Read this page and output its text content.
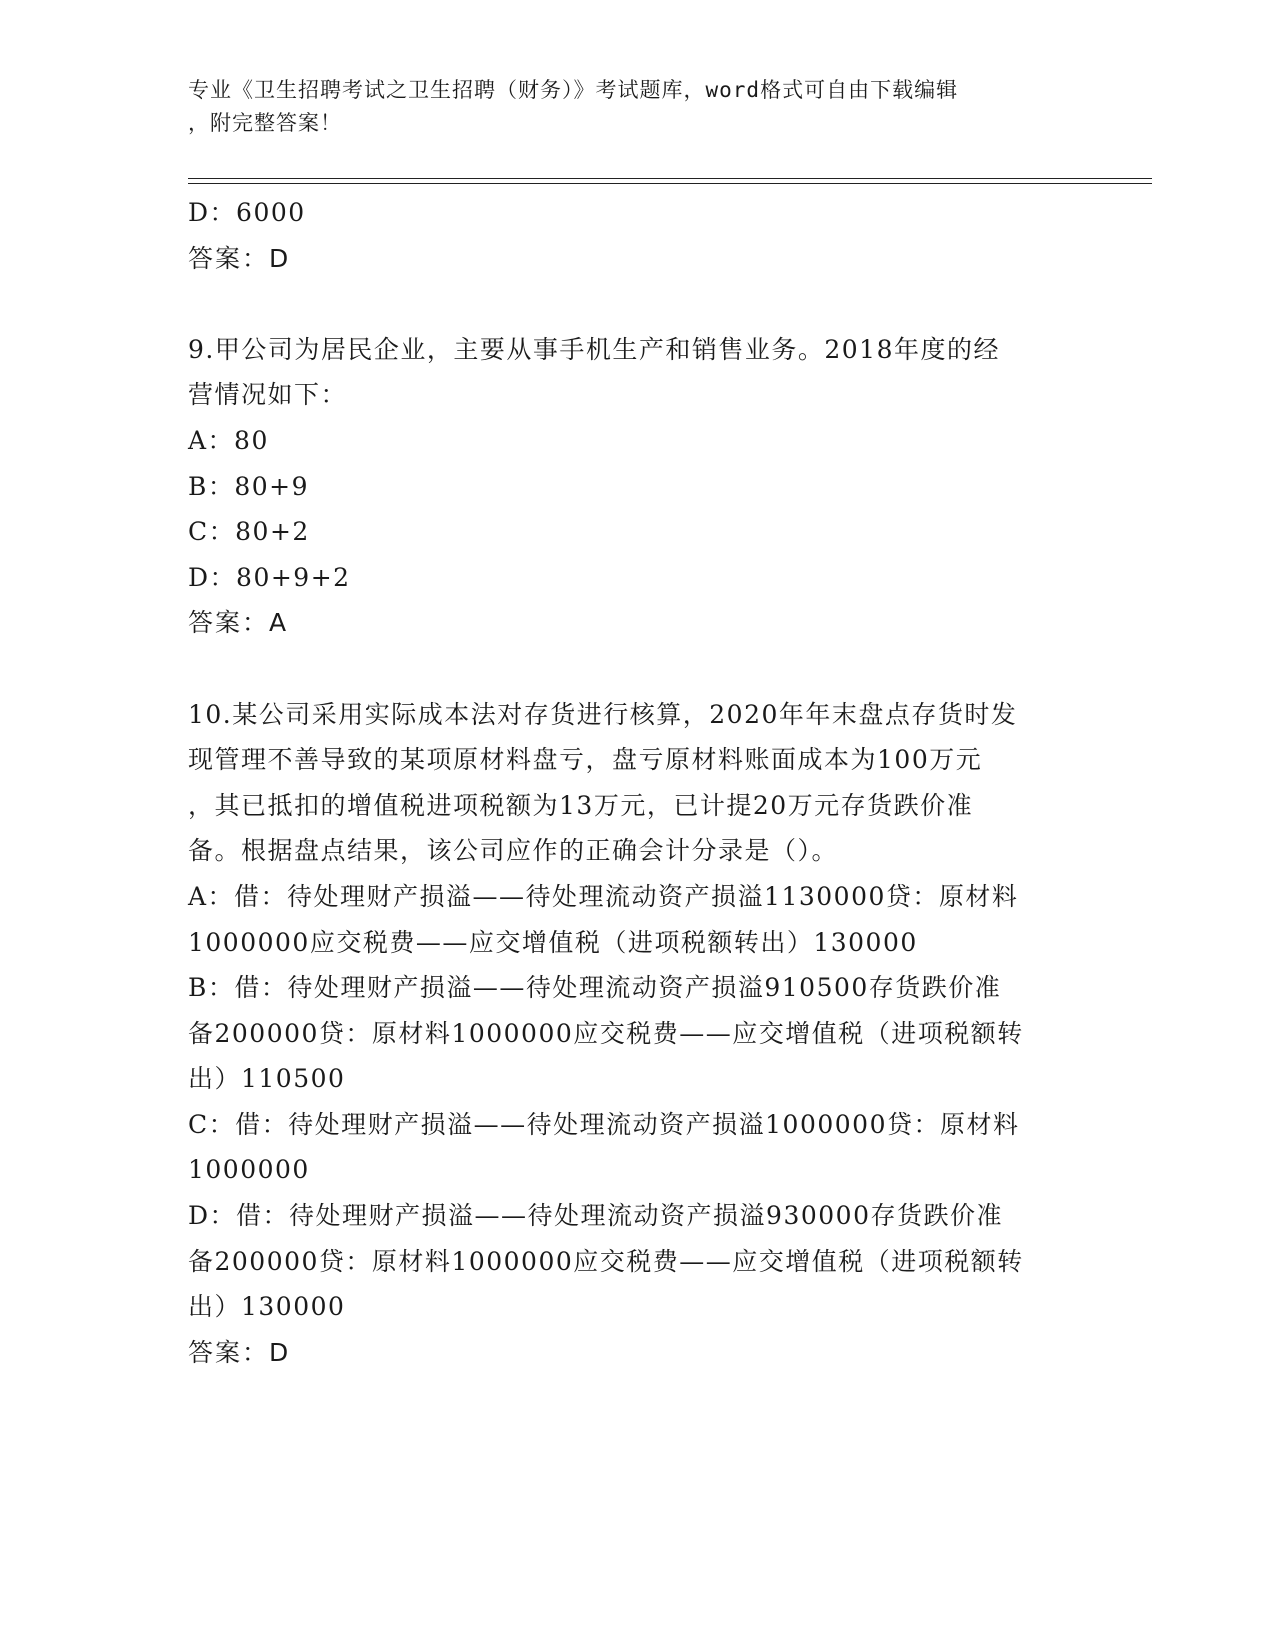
专业《卫生招聘考试之卫生招聘（财务）》考试题库，word格式可自由下载编辑
，附完整答案！
D：6000
答案：D
9.甲公司为居民企业，主要从事手机生产和销售业务。2018年度的经
营情况如下：
A：80
B：80+9
C：80+2
D：80+9+2
答案：A
10.某公司采用实际成本法对存货进行核算，2020年年末盘点存货时发
现管理不善导致的某项原材料盘亏，盘亏原材料账面成本为100万元
，其已抵扣的增值税进项税额为13万元，已计提20万元存货跌价准
备。根据盘点结果，该公司应作的正确会计分录是（）。
A：借：待处理财产损溢——待处理流动资产损溢1130000贷：原材料
1000000应交税费——应交增值税（进项税额转出）130000
B：借：待处理财产损溢——待处理流动资产损溢910500存货跌价准
备200000贷：原材料1000000应交税费——应交增值税（进项税额转
出）110500
C：借：待处理财产损溢——待处理流动资产损溢1000000贷：原材料
1000000
D：借：待处理财产损溢——待处理流动资产损溢930000存货跌价准
备200000贷：原材料1000000应交税费——应交增值税（进项税额转
出）130000
答案：D
